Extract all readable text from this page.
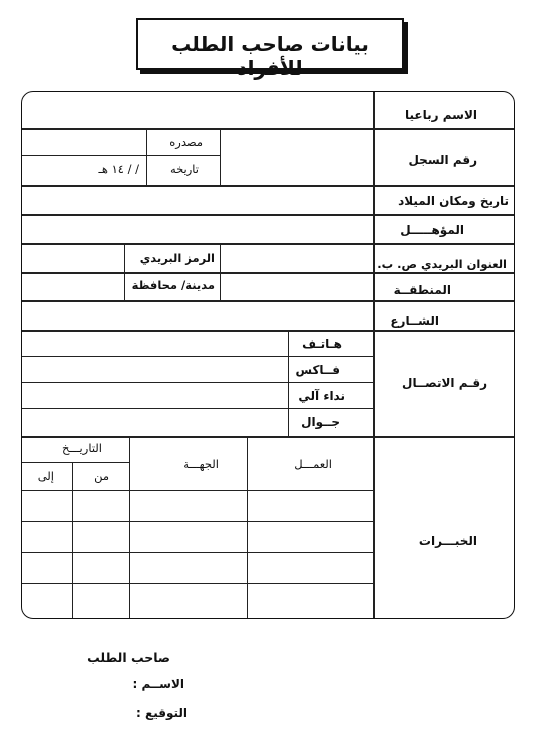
بيانات صاحب الطلب للأفراد
الاسم رباعيا
رقم السجل
تاريخ ومكان الميلاد
المؤهـــــل
العنوان البريدي ص. ب.
المنطقــة
الشــارع
رقـم الاتصــال
الخبـــرات
مصدره
تاريخه
/ / ١٤ هـ
الرمز البريدي
مدينة/ محافظة
هـاتـف
فــاكس
نداء آلي
جــوال
العمـــل
الجهـــة
التاريـــخ
من
إلى
صاحب الطلب
الاســم :
التوقيع :
